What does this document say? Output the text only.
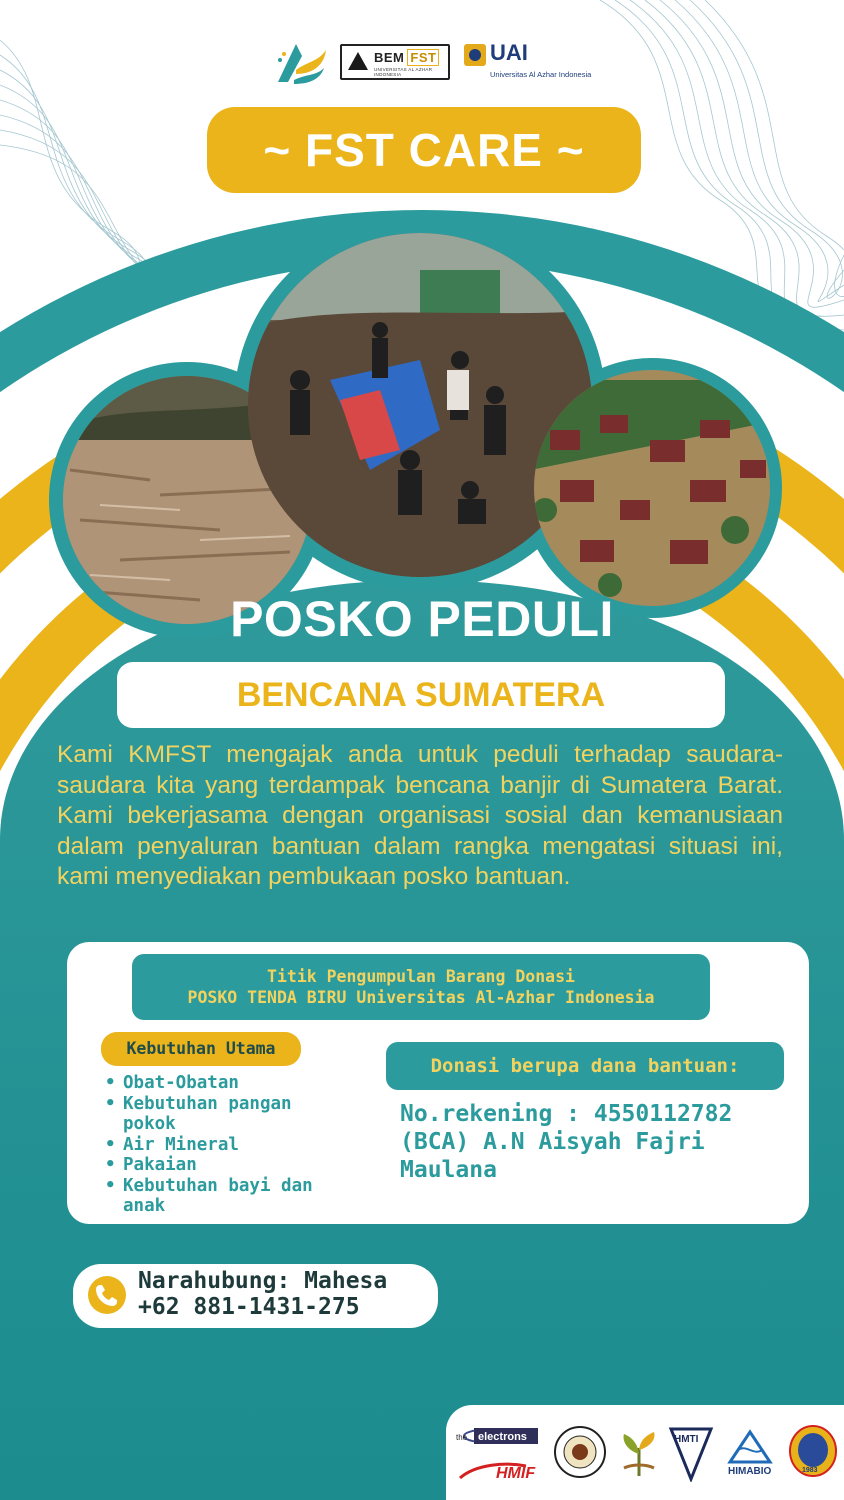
BEM FST
UNIVERSITAS AL AZHAR INDONESIA
UAI
Universitas Al Azhar Indonesia
~ FST CARE ~
POSKO PEDULI
BENCANA SUMATERA
Kami KMFST mengajak anda untuk peduli terhadap saudara-saudara kita yang terdampak bencana banjir di Sumatera Barat. Kami bekerjasama dengan organisasi sosial dan kemanusiaan dalam penyaluran bantuan dalam rangka mengatasi situasi ini, kami menyediakan pembukaan posko bantuan.
Titik Pengumpulan Barang Donasi
POSKO TENDA BIRU Universitas Al-Azhar Indonesia
Kebutuhan Utama
• Obat-Obatan
• Kebutuhan pangan pokok
• Air Mineral
• Pakaian
• Kebutuhan bayi dan anak
Donasi berupa dana bantuan:
No.rekening : 4550112782 (BCA) A.N Aisyah Fajri Maulana
Narahubung: Mahesa
+62 881-1431-275
electrons
the
HMIF
HMTI
HIMABIO	1983
